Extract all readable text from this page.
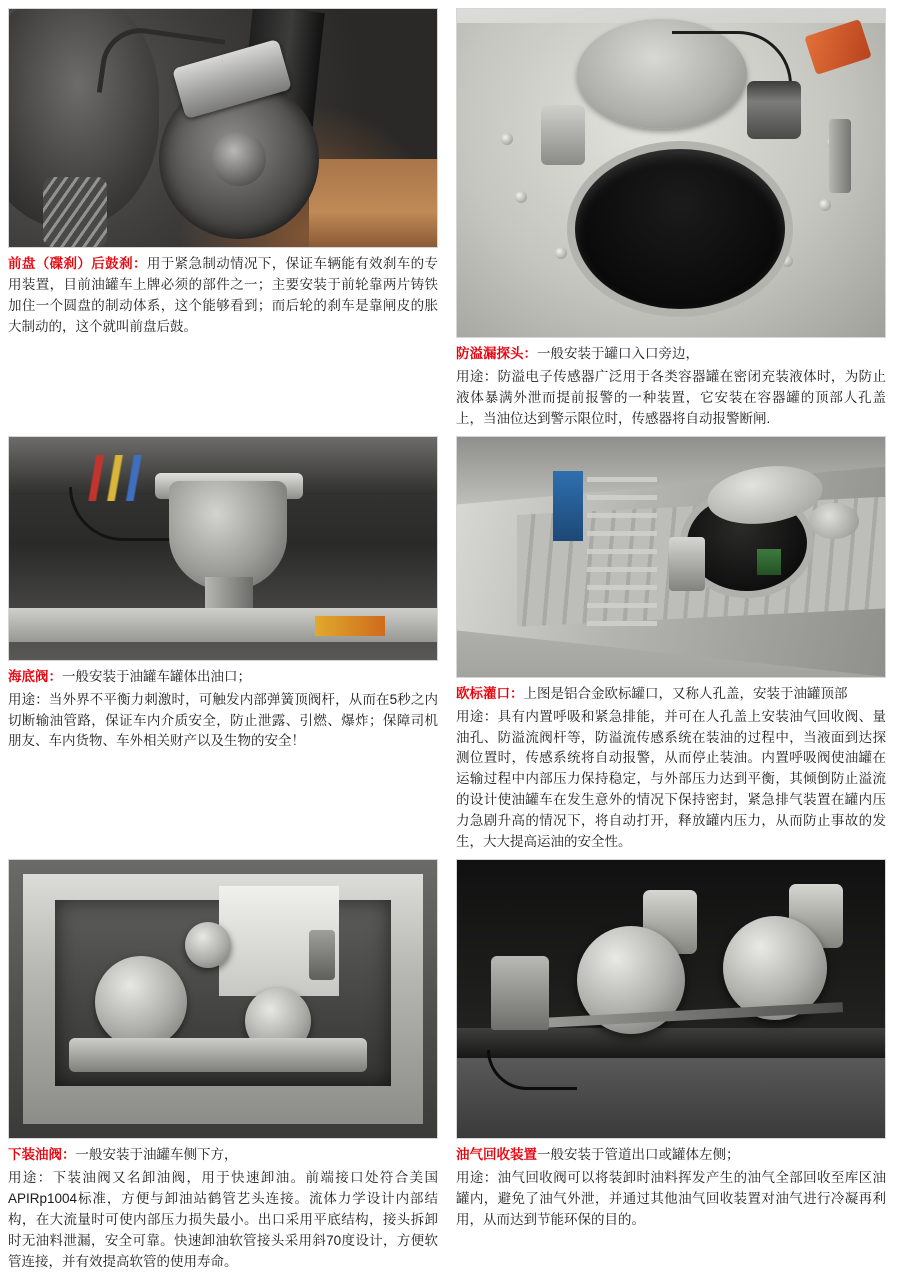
前盘（碟刹）后鼓刹：用于紧急制动情况下，保证车辆能有效刹车的专用装置，目前油罐车上牌必须的部件之一；主要安装于前轮靠两片铸铁加住一个圆盘的制动体系，这个能够看到；而后轮的刹车是靠闸皮的胀大制动的，这个就叫前盘后鼓。
防溢漏探头：一般安装于罐口入口旁边，
用途：防溢电子传感器广泛用于各类容器罐在密闭充装液体时，为防止液体暴满外泄而提前报警的一种装置，它安装在容器罐的顶部人孔盖上，当油位达到警示限位时，传感器将自动报警断闸.
海底阀：一般安装于油罐车罐体出油口；
用途：当外界不平衡力刺激时，可触发内部弹簧顶阀杆，从而在5秒之内切断输油管路，保证车内介质安全，防止泄露、引燃、爆炸；保障司机朋友、车内货物、车外相关财产以及生物的安全！
欧标灌口：上图是铝合金欧标罐口，又称人孔盖，安装于油罐顶部
用途：具有内置呼吸和紧急排能，并可在人孔盖上安装油气回收阀、量油孔、防溢流阀杆等，防溢流传感系统在装油的过程中，当液面到达探测位置时，传感系统将自动报警，从而停止装油。内置呼吸阀使油罐在运输过程中内部压力保持稳定，与外部压力达到平衡，其倾倒防止溢流的设计使油罐车在发生意外的情况下保持密封，紧急排气装置在罐内压力急剧升高的情况下，将自动打开，释放罐内压力，从而防止事故的发生，大大提高运油的安全性。
下装油阀：一般安装于油罐车侧下方，
用途：下装油阀又名卸油阀，用于快速卸油。前端接口处符合美国APIRp1004标准，方便与卸油站鹤管艺头连接。流体力学设计内部结构，在大流量时可使内部压力损失最小。出口采用平底结构，接头拆卸时无油料泄漏，安全可靠。快速卸油软管接头采用斜70度设计，方便软管连接，并有效提高软管的使用寿命。
油气回收装置一般安装于管道出口或罐体左侧；
用途：油气回收阀可以将装卸时油料挥发产生的油气全部回收至库区油罐内，避免了油气外泄，并通过其他油气回收装置对油气进行冷凝再利用，从而达到节能环保的目的。
